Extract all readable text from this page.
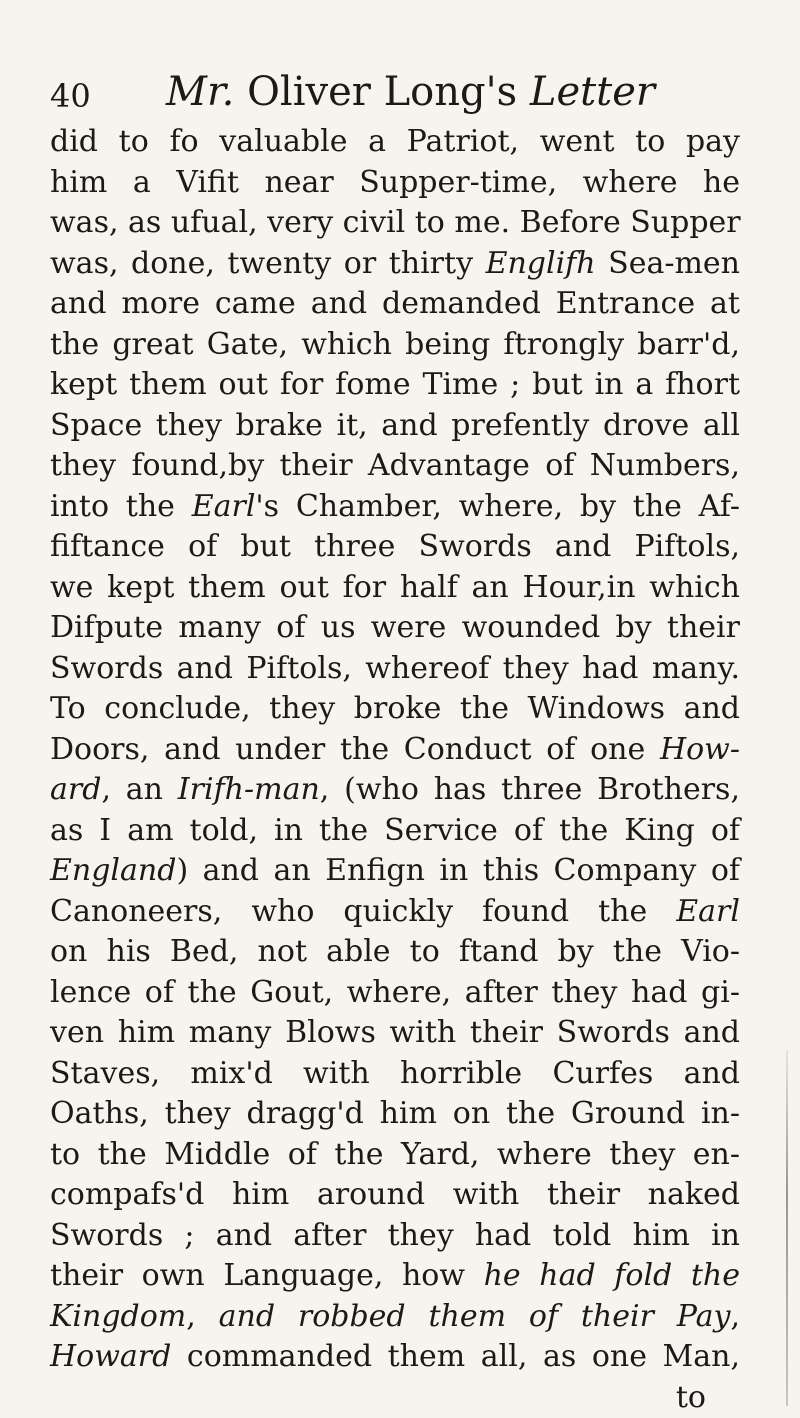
40 Mr. Oliver Long's Letter
did to fo valuable a Patriot, went to pay
him a Vifit near Supper-time, where he
was, as ufual, very civil to me. Before Supper
was, done, twenty or thirty Englifh Sea-men
and more came and demanded Entrance at
the great Gate, which being ftrongly barr'd,
kept them out for fome Time ; but in a fhort
Space they brake it, and prefently drove all
they found,by their Advantage of Numbers,
into the Earl's Chamber, where, by the Af-
fiftance of but three Swords and Piftols,
we kept them out for half an Hour,in which
Difpute many of us were wounded by their
Swords and Piftols, whereof they had many.
To conclude, they broke the Windows and
Doors, and under the Conduct of one How-
ard, an Irifh-man, (who has three Brothers,
as I am told, in the Service of the King of
England) and an Enfign in this Company of
Canoneers, who quickly found the Earl
on his Bed, not able to ftand by the Vio-
lence of the Gout, where, after they had gi-
ven him many Blows with their Swords and
Staves, mix'd with horrible Curfes and
Oaths, they dragg'd him on the Ground in-
to the Middle of the Yard, where they en-
compafs'd him around with their naked
Swords ; and after they had told him in
their own Language, how he had fold the
Kingdom, and robbed them of their Pay,
Howard commanded them all, as one Man,
to
